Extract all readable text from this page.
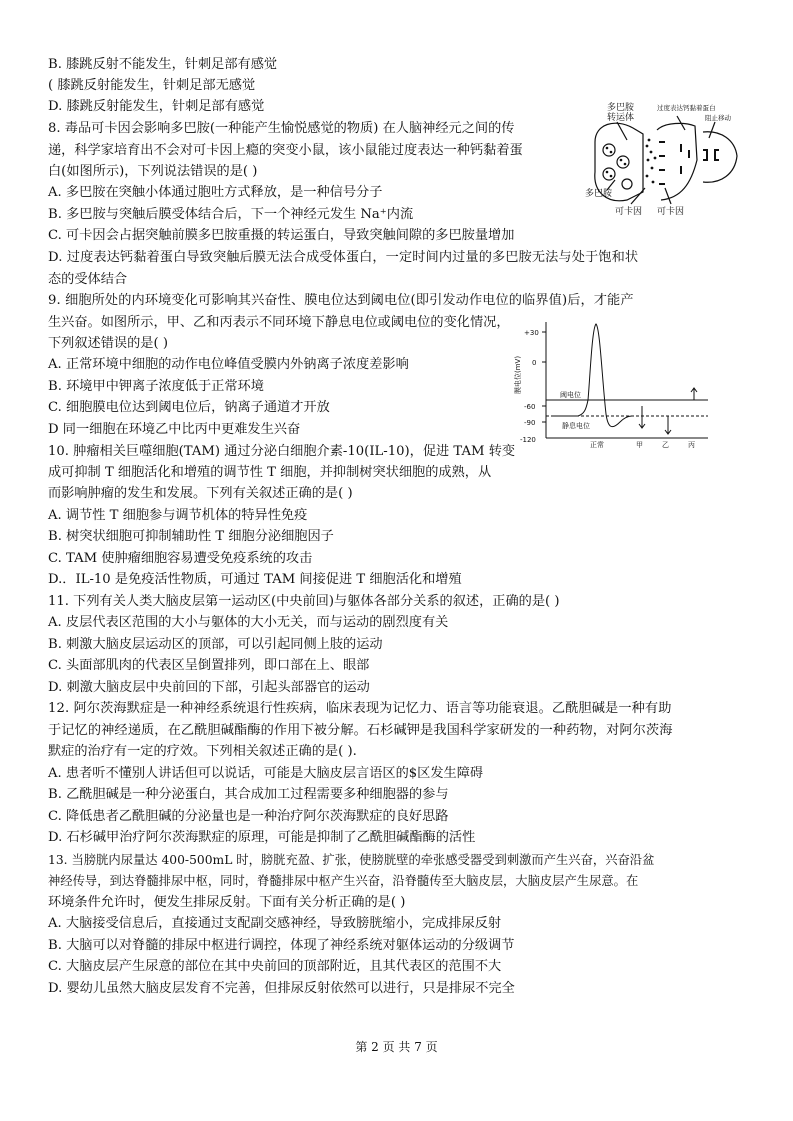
B. 膝跳反射不能发生，针刺足部有感觉
( 膝跳反射能发生，针刺足部无感觉
D. 膝跳反射能发生，针刺足部有感觉
8. 毒品可卡因会影响多巴胺(一种能产生愉悦感觉的物质) 在人脑神经元之间的传
递，科学家培育出不会对可卡因上瘾的突变小鼠，该小鼠能过度表达一种钙黏着蛋
白(如图所示)，下列说法错误的是( )
A. 多巴胺在突触小体通过胞吐方式释放，是一种信号分子
B. 多巴胺与突触后膜受体结合后，下一个神经元发生 Na⁺内流
C. 可卡因会占据突触前膜多巴胺重摄的转运蛋白，导致突触间隙的多巴胺量增加
D. 过度表达钙黏着蛋白导致突触后膜无法合成受体蛋白，一定时间内过量的多巴胺无法与处于饱和状
态的受体结合
9. 细胞所处的内环境变化可影响其兴奋性、膜电位达到阈电位(即引发动作电位的临界值)后，才能产
生兴奋。如图所示，甲、乙和丙表示不同环境下静息电位或阈电位的变化情况，
下列叙述错误的是( )
A. 正常环境中细胞的动作电位峰值受膜内外钠离子浓度差影响
B. 环境甲中钾离子浓度低于正常环境
C. 细胞膜电位达到阈电位后，钠离子通道才开放
D 同一细胞在环境乙中比丙中更难发生兴奋
10. 肿瘤相关巨噬细胞(TAM) 通过分泌白细胞介素-10(IL-10)，促进 TAM 转变
成可抑制 T 细胞活化和增殖的调节性 T 细胞，并抑制树突状细胞的成熟，从
而影响肿瘤的发生和发展。下列有关叙述正确的是( )
A. 调节性 T 细胞参与调节机体的特异性免疫
B. 树突状细胞可抑制辅助性 T 细胞分泌细胞因子
C. TAM 使肿瘤细胞容易遭受免疫系统的攻击
D.．IL-10 是免疫活性物质，可通过 TAM 间接促进 T 细胞活化和增殖
11. 下列有关人类大脑皮层第一运动区(中央前回)与躯体各部分关系的叙述，正确的是( )
A. 皮层代表区范围的大小与躯体的大小无关，而与运动的剧烈度有关
B. 刺激大脑皮层运动区的顶部，可以引起同侧上肢的运动
C. 头面部肌肉的代表区呈倒置排列，即口部在上、眼部
D. 刺激大脑皮层中央前回的下部，引起头部器官的运动
12. 阿尔茨海默症是一种神经系统退行性疾病，临床表现为记忆力、语言等功能衰退。乙酰胆碱是一种有助
于记忆的神经递质，在乙酰胆碱酯酶的作用下被分解。石杉碱钾是我国科学家研发的一种药物，对阿尔茨海
默症的治疗有一定的疗效。下列相关叙述正确的是( ).
A. 患者听不懂别人讲话但可以说话，可能是大脑皮层言语区的$区发生障碍
B. 乙酰胆碱是一种分泌蛋白，其合成加工过程需要多种细胞器的参与
C. 降低患者乙酰胆碱的分泌量也是一种治疗阿尔茨海默症的良好思路
D. 石杉碱甲治疗阿尔茨海默症的原理，可能是抑制了乙酰胆碱酯酶的活性
13. 当膀胱内尿量达 400-500mL 时，膀胱充盈、扩张，使膀胱壁的牵张感受器受到刺激而产生兴奋，兴奋沿盆
神经传导，到达脊髓排尿中枢，同时，脊髓排尿中枢产生兴奋，沿脊髓传至大脑皮层，大脑皮层产生尿意。在
环境条件允许时，便发生排尿反射。下面有关分析正确的是( )
A. 大脑接受信息后，直接通过支配副交感神经，导致膀胱缩小，完成排尿反射
B. 大脑可以对脊髓的排尿中枢进行调控，体现了神经系统对躯体运动的分级调节
C. 大脑皮层产生尿意的部位在其中央前回的顶部附近，且其代表区的范围不大
D. 婴幼儿虽然大脑皮层发育不完善，但排尿反射依然可以进行，只是排尿不完全
多巴胺
转运体
过度表达钙黏着蛋白
阻止移动
多巴胺
可卡因 可卡因
膜电位(mV)
+30
0
-60
-90
-120
阈电位
静息电位
正常	甲	乙	丙
第 2 页 共 7 页
